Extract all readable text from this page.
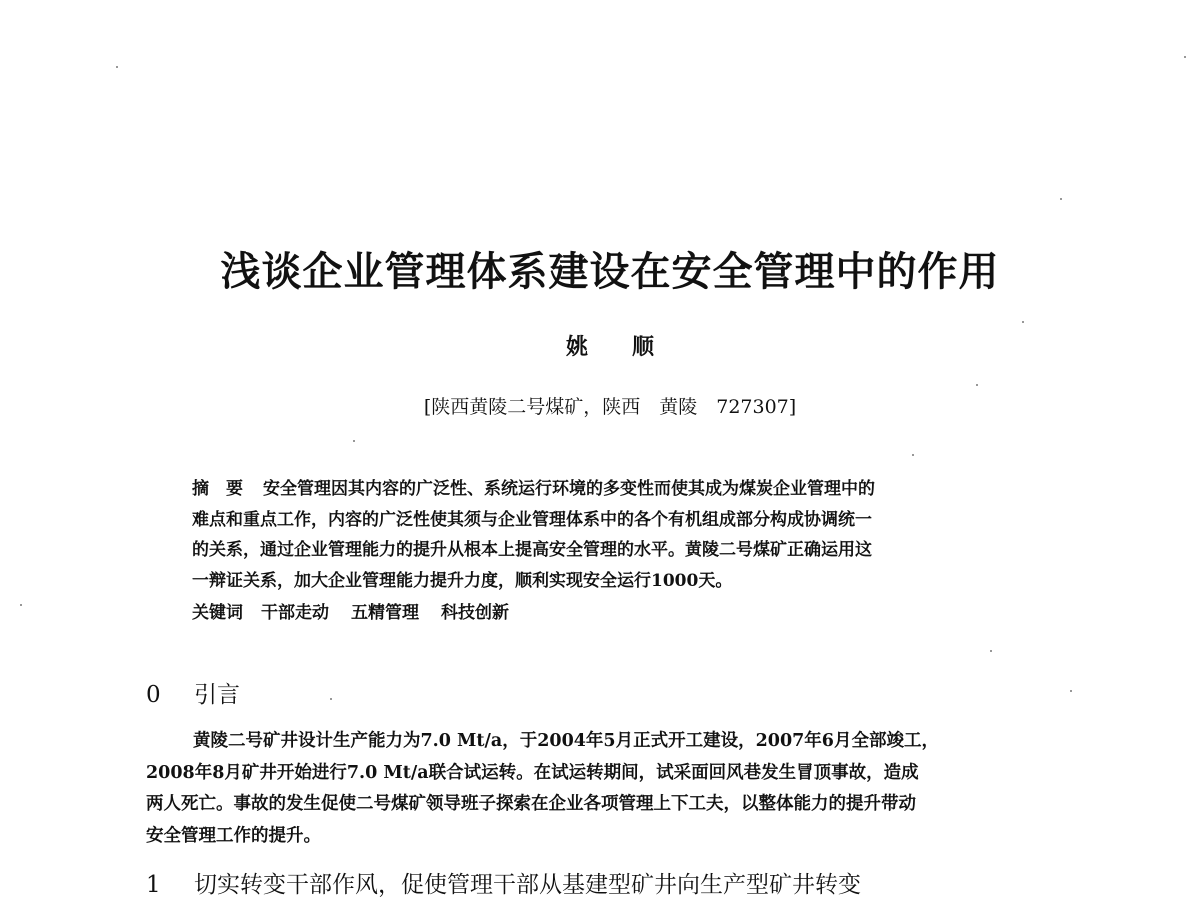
浅谈企业管理体系建设在安全管理中的作用
姚　　顺
[陕西黄陵二号煤矿，陕西　黄陵　727307]
摘　要 安全管理因其内容的广泛性、系统运行环境的多变性而使其成为煤炭企业管理中的
难点和重点工作，内容的广泛性使其须与企业管理体系中的各个有机组成部分构成协调统一
的关系，通过企业管理能力的提升从根本上提高安全管理的水平。黄陵二号煤矿正确运用这
一辩证关系，加大企业管理能力提升力度，顺利实现安全运行1000天。
关键词 干部走动 五精管理 科技创新
0 引言
黄陵二号矿井设计生产能力为7.0 Mt/a，于2004年5月正式开工建设，2007年6月全部竣工，
2008年8月矿井开始进行7.0 Mt/a联合试运转。在试运转期间，试采面回风巷发生冒顶事故，造成
两人死亡。事故的发生促使二号煤矿领导班子探索在企业各项管理上下工夫，以整体能力的提升带动
安全管理工作的提升。
1 切实转变干部作风，促使管理干部从基建型矿井向生产型矿井转变
